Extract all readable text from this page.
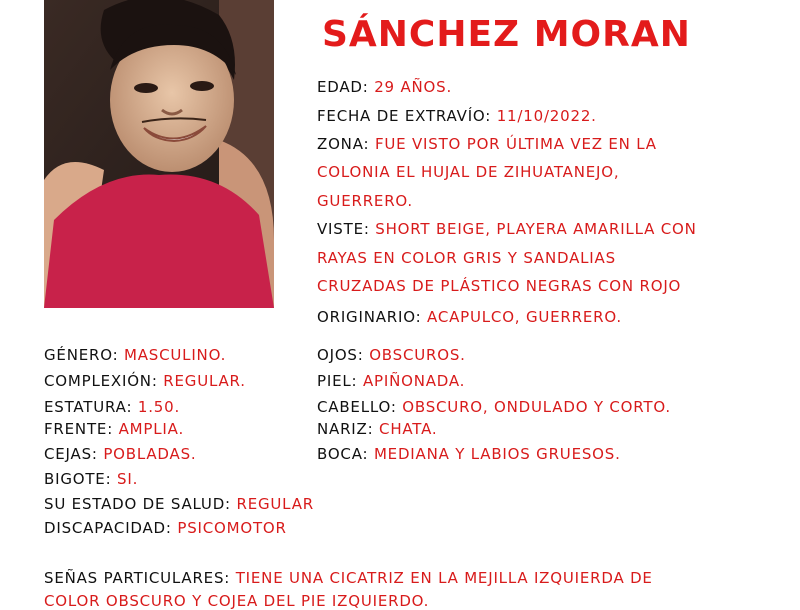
SÁNCHEZ MORAN
EDAD: 29 AÑOS.
FECHA DE EXTRAVÍO: 11/10/2022.
ZONA: FUE VISTO POR ÚLTIMA VEZ EN LA
COLONIA EL HUJAL DE ZIHUATANEJO,
GUERRERO.
VISTE: SHORT BEIGE, PLAYERA AMARILLA CON
RAYAS EN COLOR GRIS Y SANDALIAS
CRUZADAS DE PLÁSTICO NEGRAS CON ROJO
ORIGINARIO: ACAPULCO, GUERRERO.
GÉNERO: MASCULINO.
COMPLEXIÓN: REGULAR.
ESTATURA: 1.50.
FRENTE: AMPLIA.
CEJAS: POBLADAS.
BIGOTE: SI.
SU ESTADO DE SALUD: REGULAR
DISCAPACIDAD: PSICOMOTOR
OJOS: OBSCUROS.
PIEL: APIÑONADA.
CABELLO: OBSCURO, ONDULADO Y CORTO.
NARIZ: CHATA.
BOCA: MEDIANA Y LABIOS GRUESOS.
SEÑAS PARTICULARES: TIENE UNA CICATRIZ EN LA MEJILLA IZQUIERDA DE
COLOR OBSCURO Y COJEA DEL PIE IZQUIERDO.
